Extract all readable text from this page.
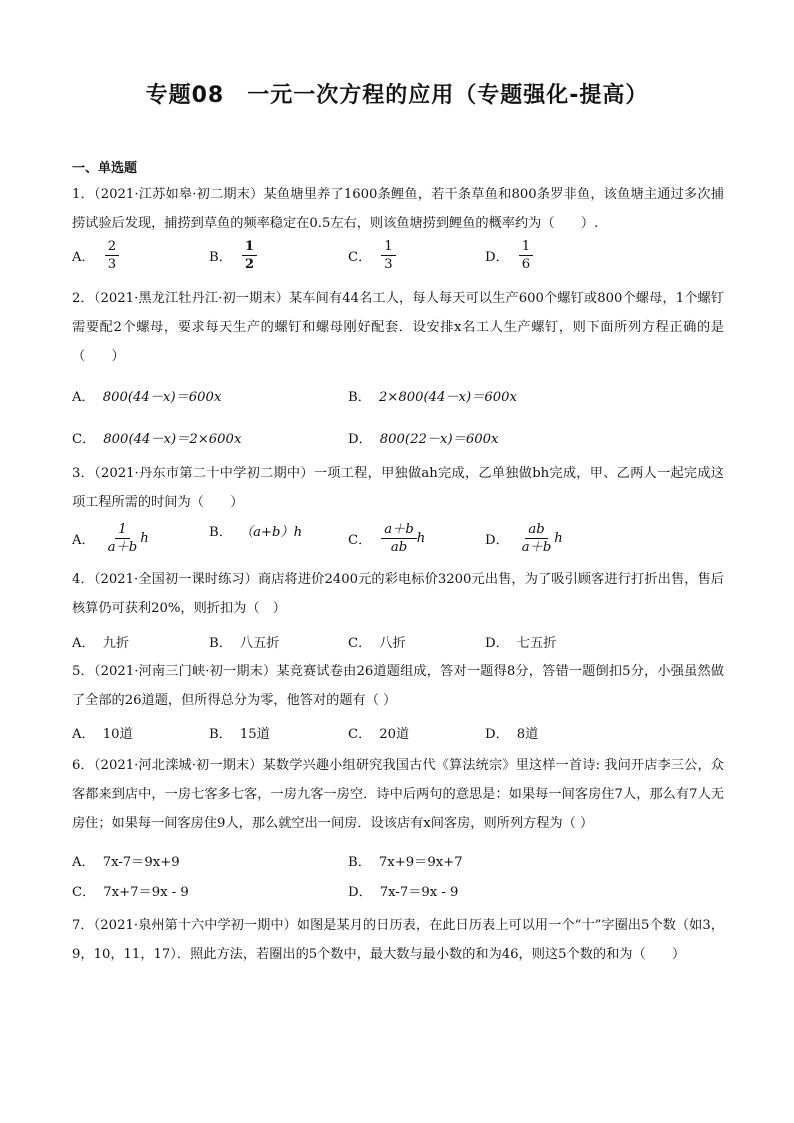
专题08　一元一次方程的应用（专题强化-提高）
一、单选题
1．（2021·江苏如皋·初二期末）某鱼塘里养了1600条鲤鱼，若干条草鱼和800条罗非鱼，该鱼塘主通过多次捕捞试验后发现，捕捞到草鱼的频率稳定在0.5左右，则该鱼塘捞到鲤鱼的概率约为（　　）.
A． $\frac{2}{3}$	B． $\frac{1}{2}$	C． $\frac{1}{3}$	D． $\frac{1}{6}$
2．（2021·黑龙江牡丹江·初一期末）某车间有44名工人，每人每天可以生产600个螺钉或800个螺母，1个螺钉需要配2个螺母，要求每天生产的螺钉和螺母刚好配套．设安排x名工人生产螺钉，则下面所列方程正确的是（　　）
A． 800(44－x)＝600x	B． 2×800(44－x)＝600x
C． 800(44－x)＝2×600x	D． 800(22－x)＝600x
3．（2021·丹东市第二十中学初二期中）一项工程，甲独做ah完成，乙单独做bh完成，甲、乙两人一起完成这项工程所需的时间为（　　）
A． $\frac{1}{a+b}$ h	B． （a+b）h
C． $\frac{a+b}{ab}$ h	D． $\frac{ab}{a+b}$ h
4．（2021·全国初一课时练习）商店将进价2400元的彩电标价3200元出售，为了吸引顾客进行打折出售，售后核算仍可获利20%，则折扣为（　）
A． 九折	B． 八五折	C． 八折	D． 七五折
5．（2021·河南三门峡·初一期末）某竞赛试卷由26道题组成，答对一题得8分，答错一题倒扣5分，小强虽然做了全部的26道题，但所得总分为零，他答对的题有（ ）
A． 10道	B． 15道	C． 20道	D． 8道
6．（2021·河北滦城·初一期末）某数学兴趣小组研究我国古代《算法统宗》里这样一首诗: 我问开店李三公，众客都来到店中，一房七客多七客，一房九客一房空．诗中后两句的意思是：如果每一间客房住7人，那么有7人无房住；如果每一间客房住9人，那么就空出一间房．设该店有x间客房，则所列方程为（ ）
A． 7x-7＝9x+9	B． 7x+9＝9x+7
C． 7x+7＝9x - 9	D． 7x-7＝9x - 9
7．（2021·泉州第十六中学初一期中）如图是某月的日历表，在此日历表上可以用一个“十”字圈出5个数（如3，9，10，11，17）．照此方法，若圈出的5个数中，最大数与最小数的和为46，则这5个数的和为（　　）
